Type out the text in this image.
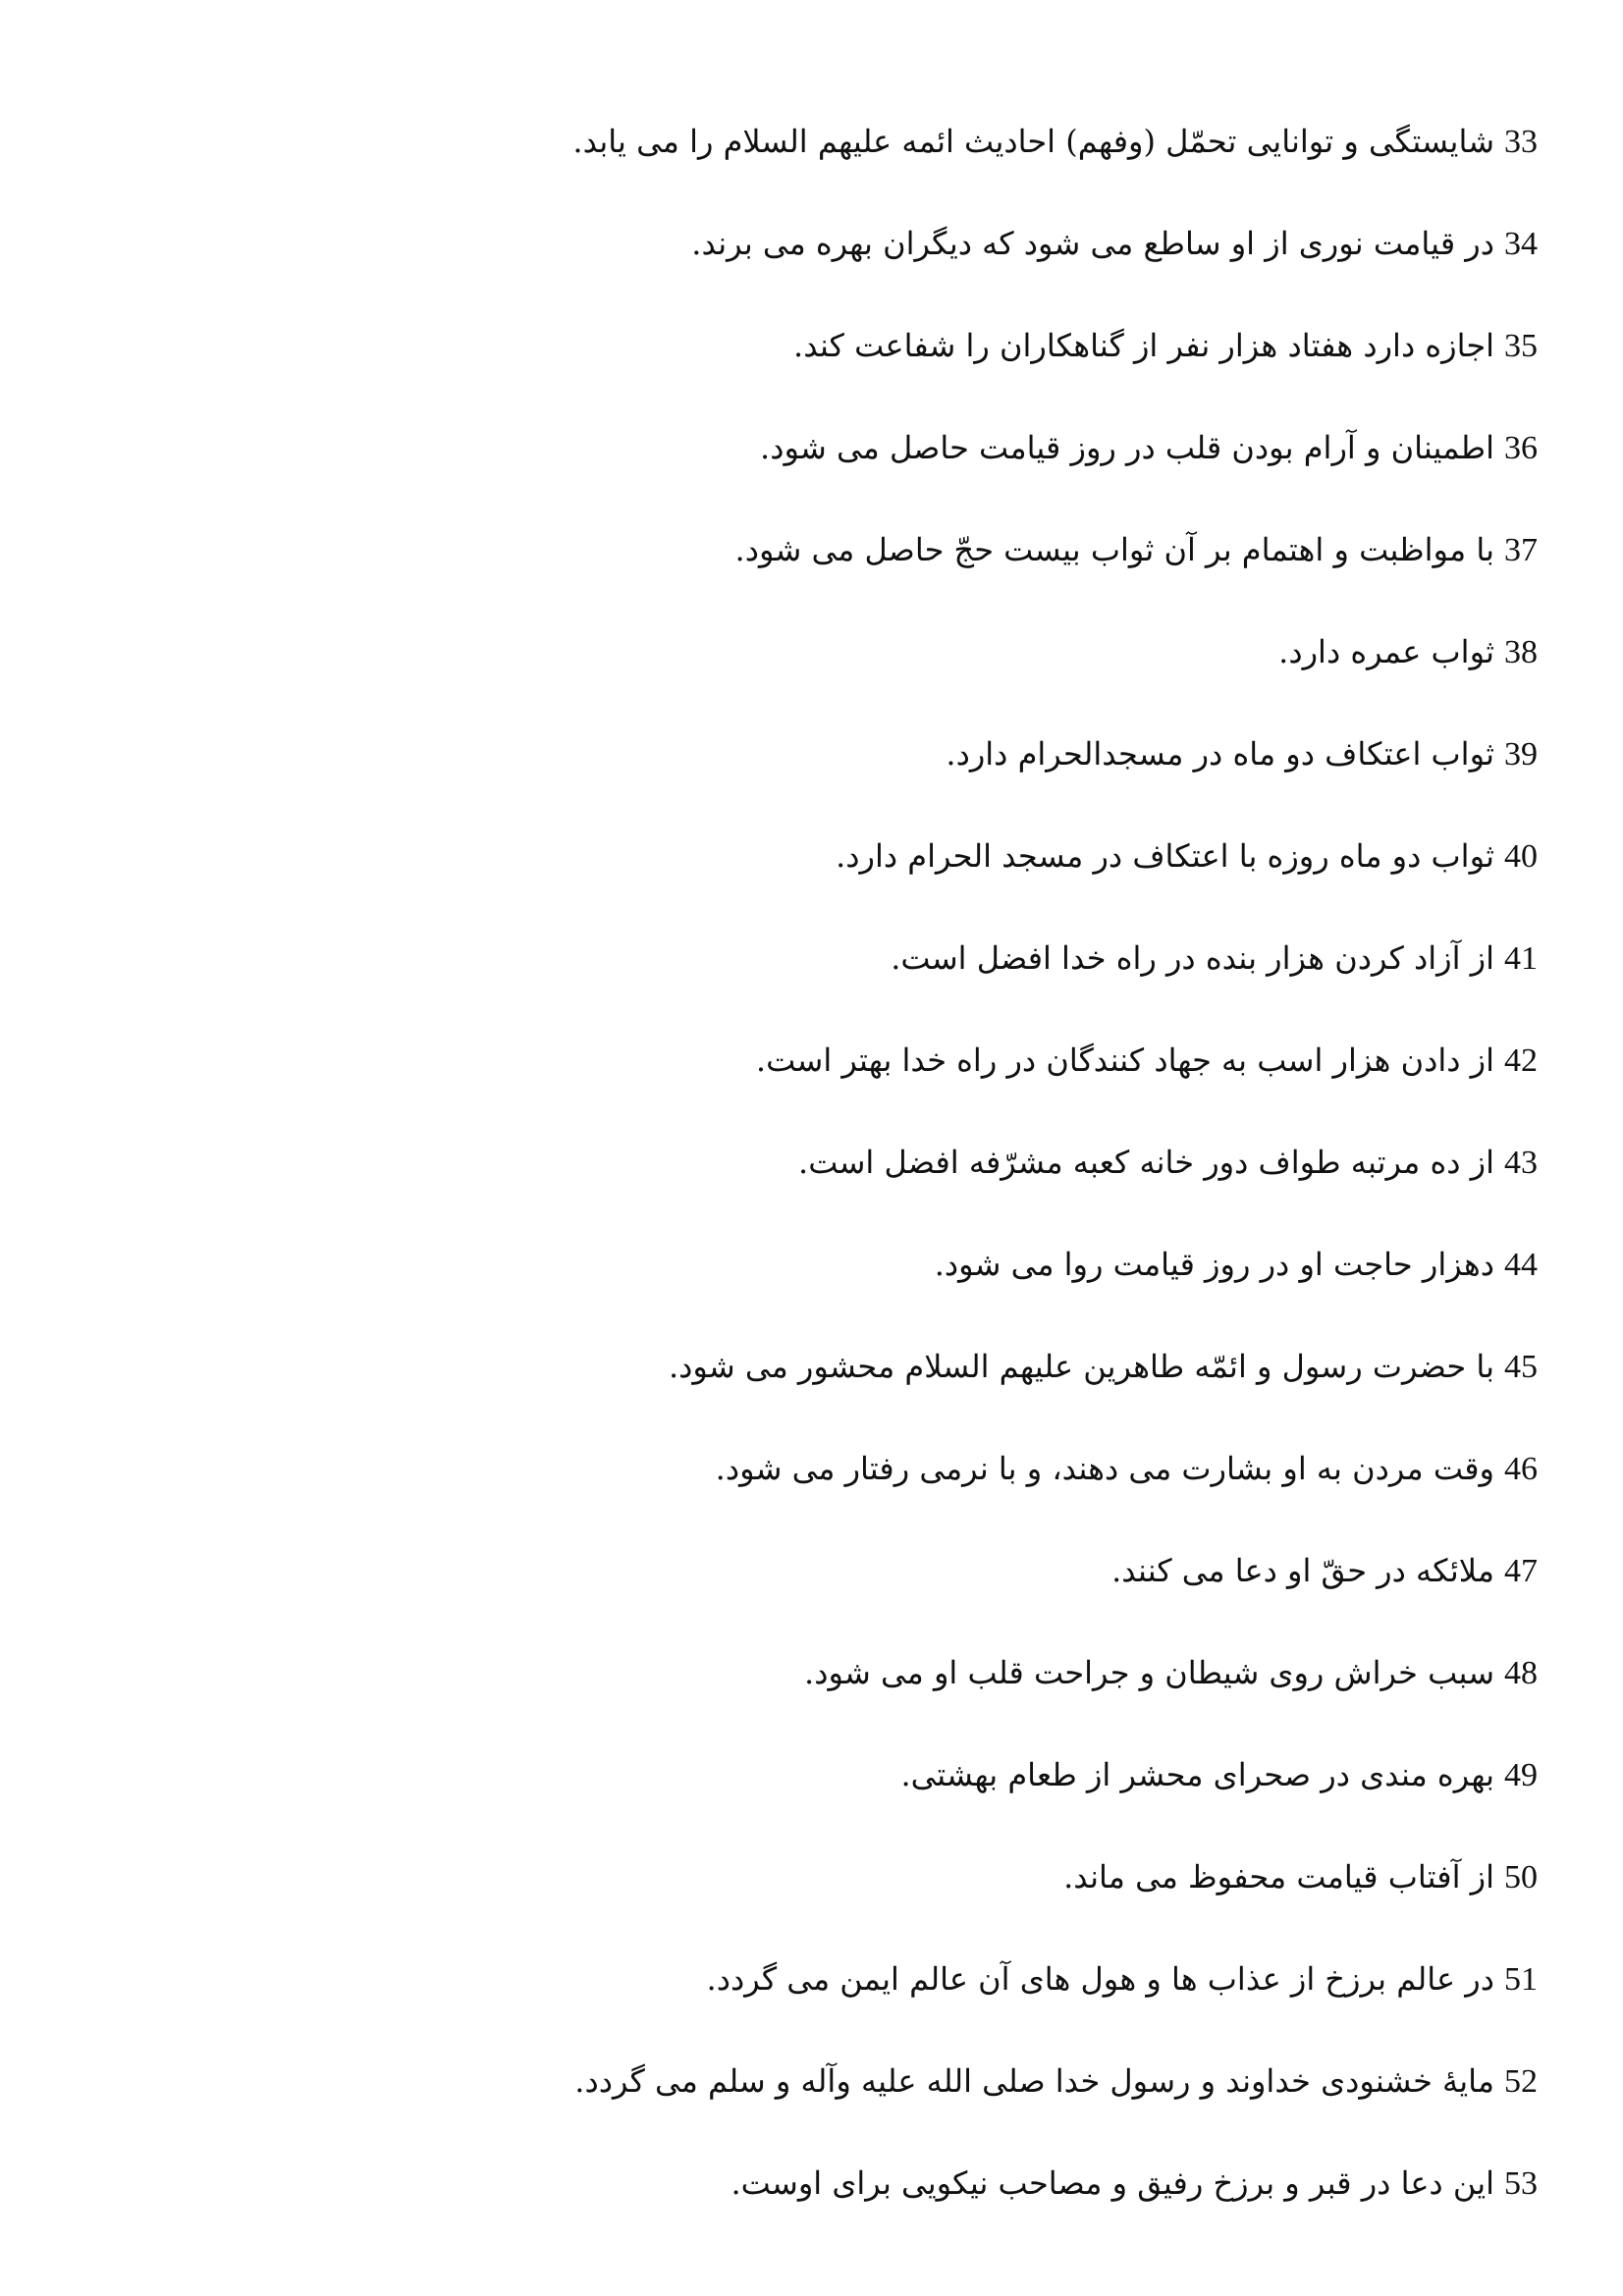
33شایستگی و توانایی تحمّل (وفهم) احادیث ائمه علیهم السلام را می یابد.
34در قیامت نوری از او ساطع می شود که دیگران بهره می برند.
35اجازه دارد هفتاد هزار نفر از گناهکاران را شفاعت کند.
36اطمینان و آرام بودن قلب در روز قیامت حاصل می شود.
37با مواظبت و اهتمام بر آن ثواب بیست حجّ حاصل می شود.
38ثواب عمره دارد.
39ثواب اعتکاف دو ماه در مسجدالحرام دارد.
40ثواب دو ماه روزه با اعتکاف در مسجد الحرام دارد.
41از آزاد کردن هزار بنده در راه خدا افضل است.
42از دادن هزار اسب به جهاد کنندگان در راه خدا بهتر است.
43از ده مرتبه طواف دور خانه کعبه مشرّفه افضل است.
44دهزار حاجت او در روز قیامت روا می شود.
45با حضرت رسول و ائمّه طاهرین علیهم السلام محشور می شود.
46وقت مردن به او بشارت می دهند، و با نرمی رفتار می شود.
47ملائکه در حقّ او دعا می کنند.
48سبب خراش روی شیطان و جراحت قلب او می شود.
49بهره مندی در صحرای محشر از طعام بهشتی.
50از آفتاب قیامت محفوظ می ماند.
51در عالم برزخ از عذاب ها و هول های آن عالم ایمن می گردد.
52مایهٔ خشنودی خداوند و رسول خدا صلی الله علیه وآله و سلم می گردد.
53این دعا در قبر و برزخ رفیق و مصاحب نیکویی برای اوست.
